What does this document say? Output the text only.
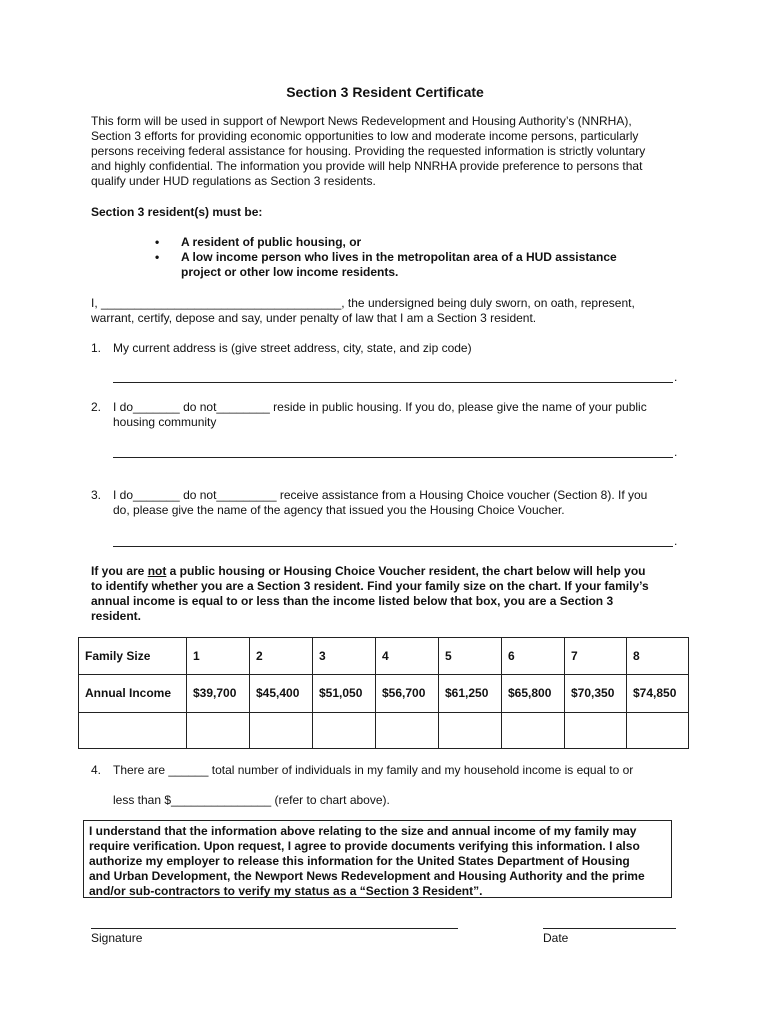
Section 3 Resident Certificate
This form will be used in support of Newport News Redevelopment and Housing Authority’s (NNRHA),
Section 3 efforts for providing economic opportunities to low and moderate income persons, particularly
persons receiving federal assistance for housing. Providing the requested information is strictly voluntary
and highly confidential. The information you provide will help NNRHA provide preference to persons that
qualify under HUD regulations as Section 3 residents.
Section 3 resident(s) must be:
• A resident of public housing, or
• A low income person who lives in the metropolitan area of a HUD assistance
project or other low income residents.
I, ____________________________________, the undersigned being duly sworn, on oath, represent,
warrant, certify, depose and say, under penalty of law that I am a Section 3 resident.
1. My current address is (give street address, city, state, and zip code)
.
2. I do_______ do not________ reside in public housing. If you do, please give the name of your public
housing community
.
3. I do_______ do not_________ receive assistance from a Housing Choice voucher (Section 8). If you
do, please give the name of the agency that issued you the Housing Choice Voucher.
.
If you are not a public housing or Housing Choice Voucher resident, the chart below will help you
to identify whether you are a Section 3 resident. Find your family size on the chart. If your family’s
annual income is equal to or less than the income listed below that box, you are a Section 3
resident.
Family Size	1	2	3	4	5	6	7	8
Annual Income	$39,700	$45,400	$51,050	$56,700	$61,250	$65,800	$70,350	$74,850

4. There are ______ total number of individuals in my family and my household income is equal to or
less than $_______________ (refer to chart above).
I understand that the information above relating to the size and annual income of my family may
require verification. Upon request, I agree to provide documents verifying this information. I also
authorize my employer to release this information for the United States Department of Housing
and Urban Development, the Newport News Redevelopment and Housing Authority and the prime
and/or sub-contractors to verify my status as a “Section 3 Resident”.
Signature	Date
